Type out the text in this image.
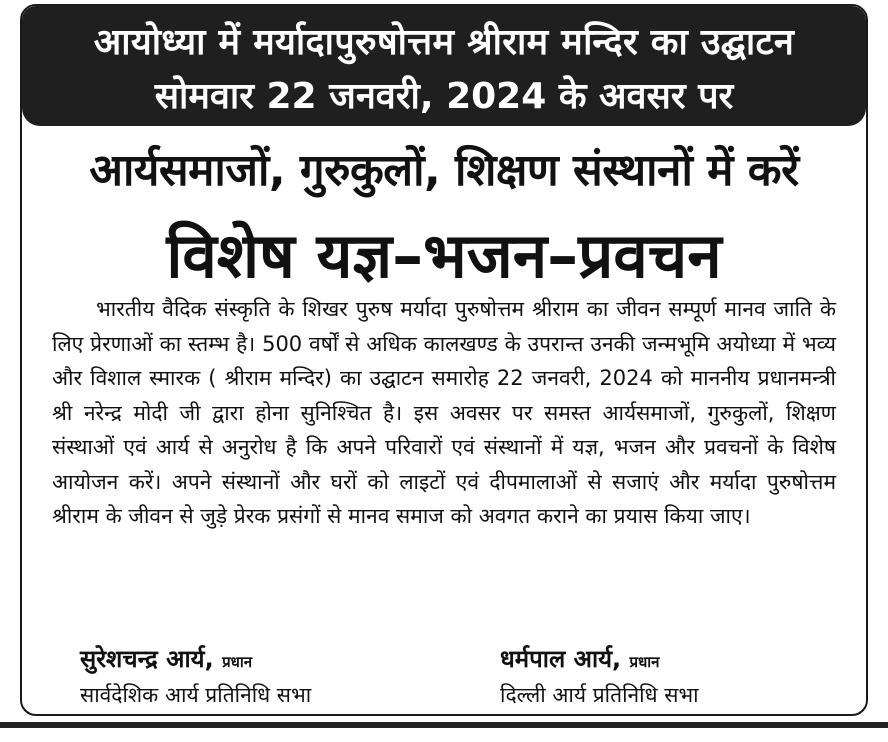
आयोध्या में मर्यादापुरुषोत्तम श्रीराम मन्दिर का उद्घाटन
सोमवार 22 जनवरी, 2024 के अवसर पर
आर्यसमाजों, गुरुकुलों, शिक्षण संस्थानों में करें
विशेष यज्ञ–भजन–प्रवचन
भारतीय वैदिक संस्कृति के शिखर पुरुष मर्यादा पुरुषोत्तम श्रीराम का जीवन सम्पूर्ण मानव जाति के लिए प्रेरणाओं का स्तम्भ है। 500 वर्षों से अधिक कालखण्ड के उपरान्त उनकी जन्मभूमि अयोध्या में भव्य और विशाल स्मारक ( श्रीराम मन्दिर) का उद्घाटन समारोह 22 जनवरी, 2024 को माननीय प्रधानमन्त्री श्री नरेन्द्र मोदी जी द्वारा होना सुनिश्चित है। इस अवसर पर समस्त आर्यसमाजों, गुरुकुलों, शिक्षण संस्थाओं एवं आर्य से अनुरोध है कि अपने परिवारों एवं संस्थानों में यज्ञ, भजन और प्रवचनों के विशेष आयोजन करें। अपने संस्थानों और घरों को लाइटों एवं दीपमालाओं से सजाएं और मर्यादा पुरुषोत्तम श्रीराम के जीवन से जुड़े प्रेरक प्रसंगों से मानव समाज को अवगत कराने का प्रयास किया जाए।
सुरेशचन्द्र आर्य, प्रधान
सार्वदेशिक आर्य प्रतिनिधि सभा
धर्मपाल आर्य, प्रधान
दिल्ली आर्य प्रतिनिधि सभा
